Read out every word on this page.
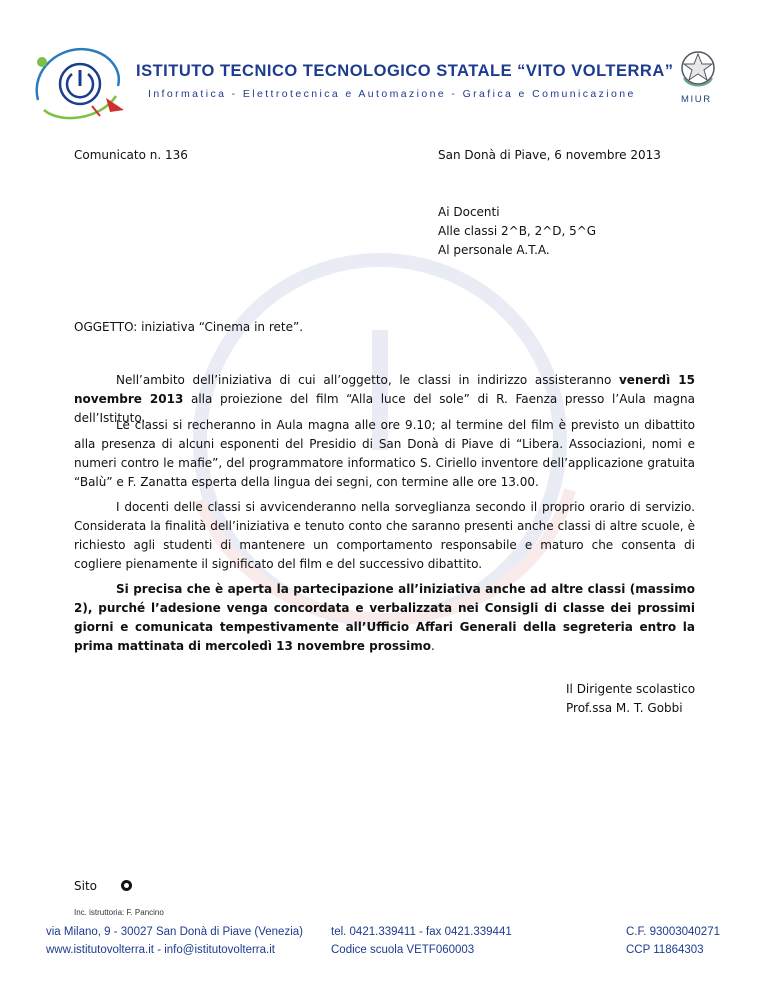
ISTITUTO TECNICO TECNOLOGICO STATALE “VITO VOLTERRA”
Informatica - Elettrotecnica e Automazione - Grafica e Comunicazione	MIUR
Comunicato n. 136	San Donà di Piave, 6 novembre 2013
Ai Docenti
Alle classi 2^B, 2^D, 5^G
Al personale A.T.A.
OGGETTO: iniziativa “Cinema in rete”.
Nell’ambito dell’iniziativa di cui all’oggetto, le classi in indirizzo assisteranno venerdì 15 novembre 2013 alla proiezione del film “Alla luce del sole” di R. Faenza presso l’Aula magna dell’Istituto.
Le classi si recheranno in Aula magna alle ore 9.10; al termine del film è previsto un dibattito alla presenza di alcuni esponenti del Presidio di San Donà di Piave di “Libera. Associazioni, nomi e numeri contro le mafie”, del programmatore informatico S. Ciriello inventore dell’applicazione gratuita “Balù” e F. Zanatta esperta della lingua dei segni, con termine alle ore 13.00.
I docenti delle classi si avvicenderanno nella sorveglianza secondo il proprio orario di servizio. Considerata la finalità dell’iniziativa e tenuto conto che saranno presenti anche classi di altre scuole, è richiesto agli studenti di mantenere un comportamento responsabile e maturo che consenta di cogliere pienamente il significato del film e del successivo dibattito.
Si precisa che è aperta la partecipazione all’iniziativa anche ad altre classi (massimo 2), purché l’adesione venga concordata e verbalizzata nei Consigli di classe dei prossimi giorni e comunicata tempestivamente all’Ufficio Affari Generali della segreteria entro la prima mattinata di mercoledì 13 novembre prossimo.
Il Dirigente scolastico
Prof.ssa M. T. Gobbi
Sito
Inc. istruttoria: F. Pancino
via Milano, 9 - 30027 San Donà di Piave (Venezia)
www.istitutovolterra.it - info@istitutovolterra.it
tel. 0421.339411 - fax 0421.339441
Codice scuola VETF060003
C.F. 93003040271
CCP 11864303
